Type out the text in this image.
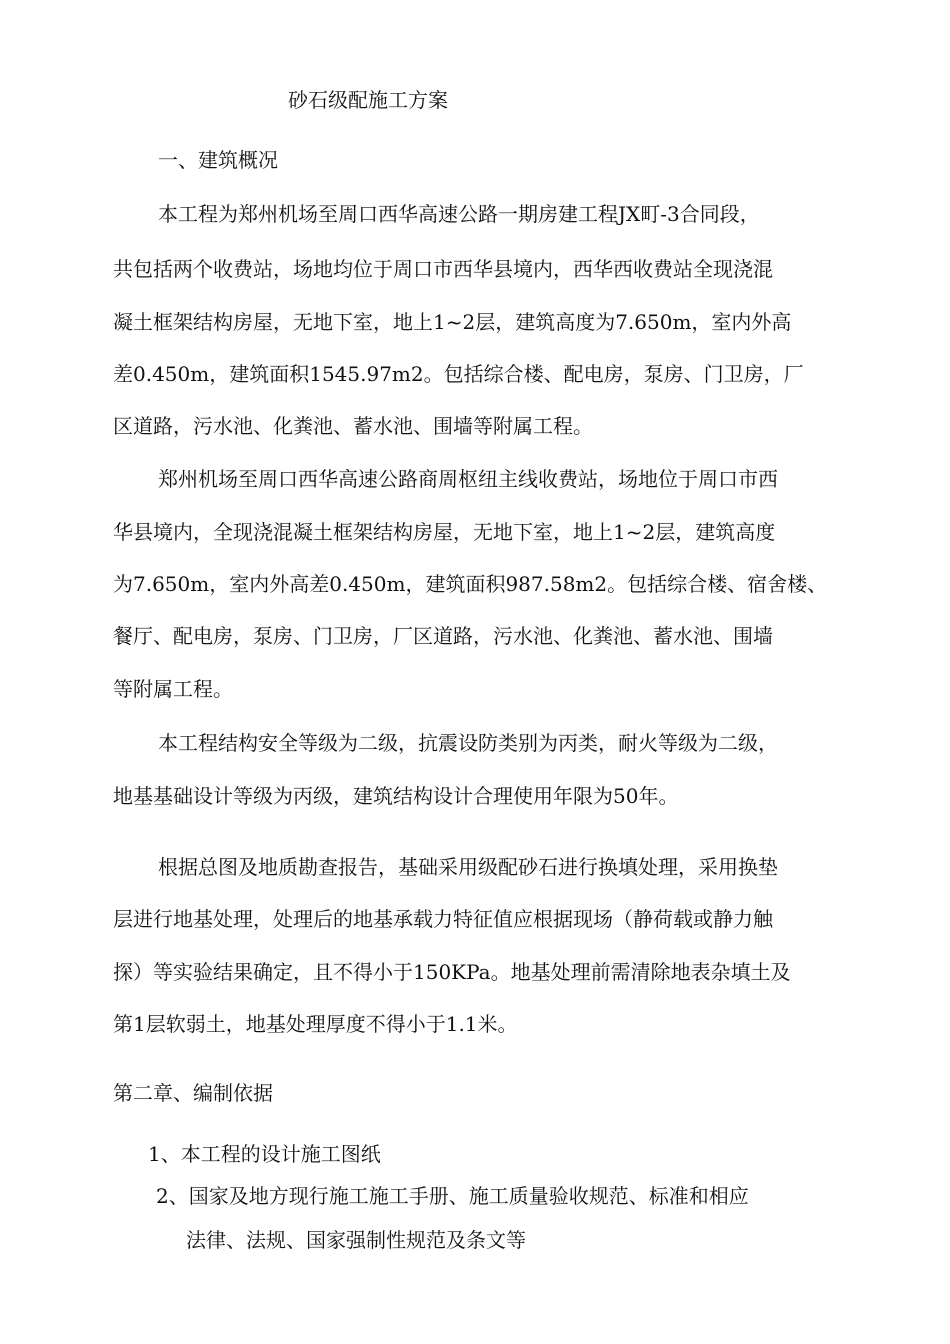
砂石级配施工方案

一、建筑概况

本工程为郑州机场至周口西华高速公路一期房建工程JX町-3合同段，

共包括两个收费站，场地均位于周口市西华县境内，西华西收费站全现浇混

凝土框架结构房屋，无地下室，地上1~2层，建筑高度为7.650m，室内外高

差0.450m，建筑面积1545.97m2。包括综合楼、配电房，泵房、门卫房，厂

区道路，污水池、化粪池、蓄水池、围墙等附属工程。

郑州机场至周口西华高速公路商周枢纽主线收费站，场地位于周口市西

华县境内，全现浇混凝土框架结构房屋，无地下室，地上1~2层，建筑高度

为7.650m，室内外高差0.450m，建筑面积987.58m2。包括综合楼、宿舍楼、

餐厅、配电房，泵房、门卫房，厂区道路，污水池、化粪池、蓄水池、围墙

等附属工程。

本工程结构安全等级为二级，抗震设防类别为丙类，耐火等级为二级，

地基基础设计等级为丙级，建筑结构设计合理使用年限为50年。

根据总图及地质勘查报告，基础采用级配砂石进行换填处理，采用换垫

层进行地基处理，处理后的地基承载力特征值应根据现场（静荷载或静力触

探）等实验结果确定，且不得小于150KPa。地基处理前需清除地表杂填土及

第1层软弱土，地基处理厚度不得小于1.1米。

第二章、编制依据

1、本工程的设计施工图纸

2、国家及地方现行施工施工手册、施工质量验收规范、标准和相应

法律、法规、国家强制性规范及条文等
